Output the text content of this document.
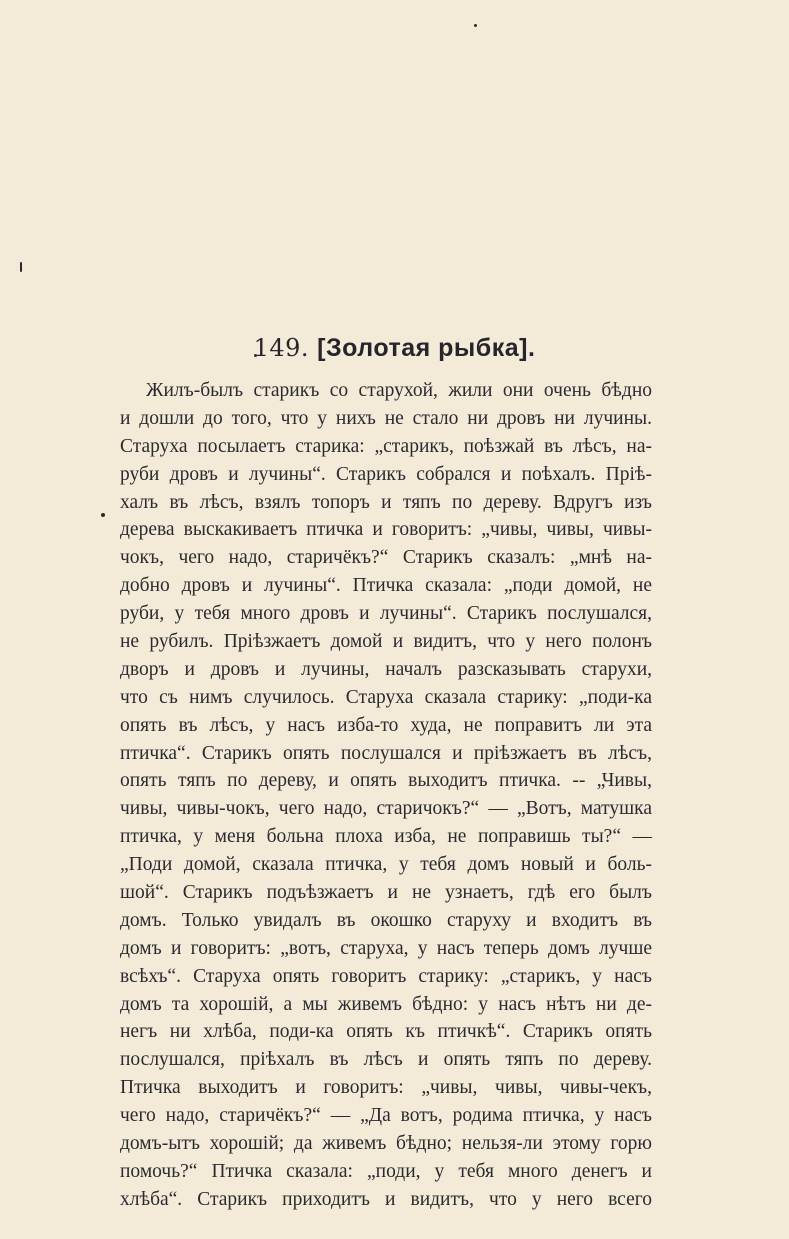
149. [Золотая рыбка].
Жилъ-былъ старикъ со старухой, жили они очень бѣдно
и дошли до того, что у нихъ не стало ни дровъ ни лучины.
Старуха посылаетъ старика: „старикъ, поѣзжай въ лѣсъ, на-
руби дровъ и лучины“. Старикъ собрался и поѣхалъ. Пріѣ-
халъ въ лѣсъ, взялъ топоръ и тяпъ по дереву. Вдругъ изъ
дерева выскакиваетъ птичка и говоритъ: „чивы, чивы, чивы-
чокъ, чего надо, старичёкъ?“ Старикъ сказалъ: „мнѣ на-
добно дровъ и лучины“. Птичка сказала: „поди домой, не
руби, у тебя много дровъ и лучины“. Старикъ послушался,
не рубилъ. Пріѣзжаетъ домой и видитъ, что у него полонъ
дворъ и дровъ и лучины, началъ разсказывать старухи,
что съ нимъ случилось. Старуха сказала старику: „поди-ка
опять въ лѣсъ, у насъ изба-то худа, не поправитъ ли эта
птичка“. Старикъ опять послушался и пріѣзжаетъ въ лѣсъ,
опять тяпъ по дереву, и опять выходитъ птичка. -- „Чивы,
чивы, чивы-чокъ, чего надо, старичокъ?“ — „Вотъ, матушка
птичка, у меня больна плоха изба, не поправишь ты?“ —
„Поди домой, сказала птичка, у тебя домъ новый и боль-
шой“. Старикъ подъѣзжаетъ и не узнаетъ, гдѣ его былъ
домъ. Только увидалъ въ окошко старуху и входитъ въ
домъ и говоритъ: „вотъ, старуха, у насъ теперь домъ лучше
всѣхъ“. Старуха опять говоритъ старику: „старикъ, у насъ
домъ та хорошій, а мы живемъ бѣдно: у насъ нѣтъ ни де-
негъ ни хлѣба, поди-ка опять къ птичкѣ“. Старикъ опять
послушался, пріѣхалъ въ лѣсъ и опять тяпъ по дереву.
Птичка выходитъ и говоритъ: „чивы, чивы, чивы-чекъ,
чего надо, старичёкъ?“ — „Да вотъ, родима птичка, у насъ
домъ-ытъ хорошій; да живемъ бѣдно; нельзя-ли этому горю
помочь?“ Птичка сказала: „поди, у тебя много денегъ и
хлѣба“. Старикъ приходитъ и видитъ, что у него всего
